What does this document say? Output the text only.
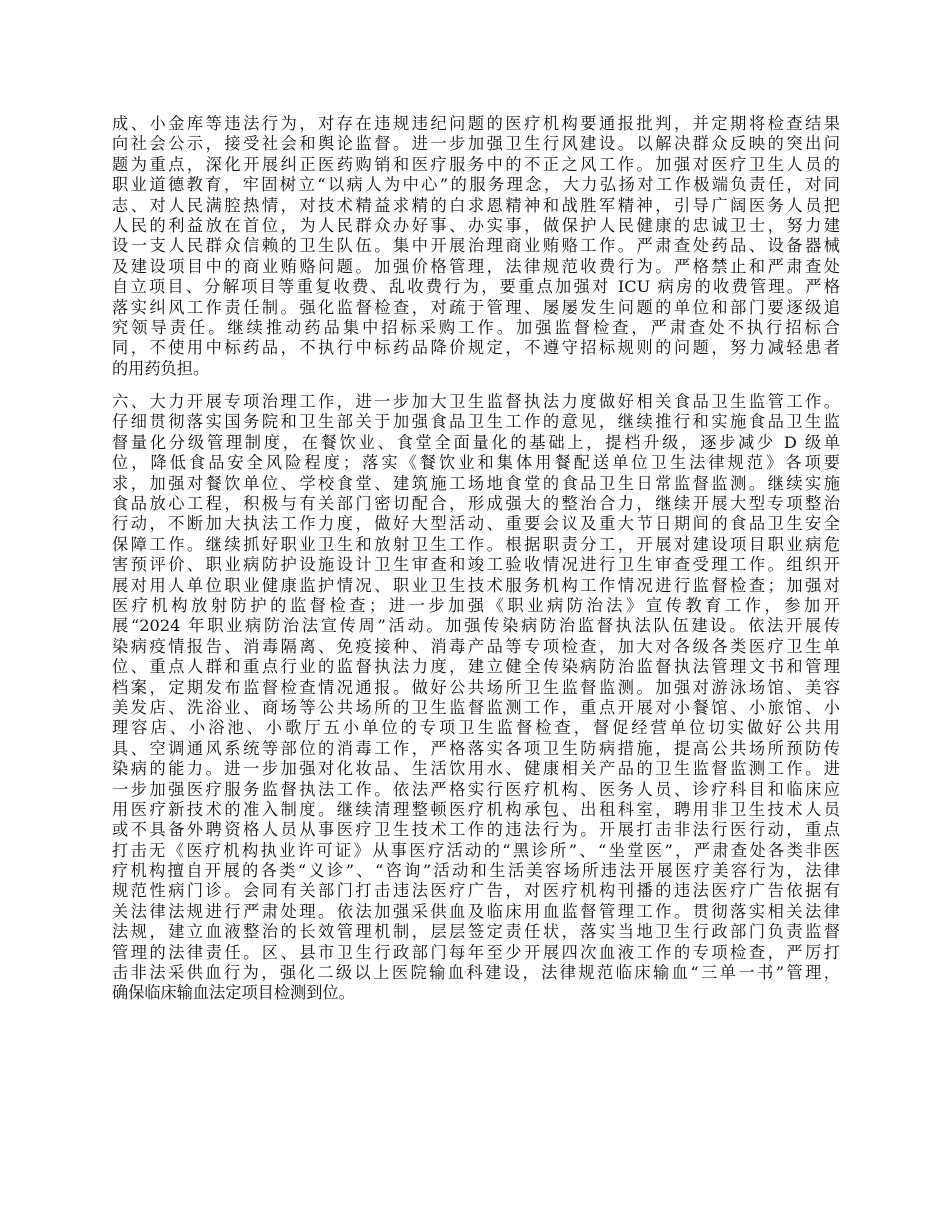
成、小金库等违法行为，对存在违规违纪问题的医疗机构要通报批判，并定期将检查结果
向社会公示，接受社会和舆论监督。进一步加强卫生行风建设。以解决群众反映的突出问
题为重点，深化开展纠正医药购销和医疗服务中的不正之风工作。加强对医疗卫生人员的
职业道德教育，牢固树立“以病人为中心”的服务理念，大力弘扬对工作极端负责任，对同
志、对人民满腔热情，对技术精益求精的白求恩精神和战胜军精神，引导广阔医务人员把
人民的利益放在首位，为人民群众办好事、办实事，做保护人民健康的忠诚卫士，努力建
设一支人民群众信赖的卫生队伍。集中开展治理商业贿赂工作。严肃查处药品、设备器械
及建设项目中的商业贿赂问题。加强价格管理，法律规范收费行为。严格禁止和严肃查处
自立项目、分解项目等重复收费、乱收费行为，要重点加强对 ICU 病房的收费管理。严格
落实纠风工作责任制。强化监督检查，对疏于管理、屡屡发生问题的单位和部门要逐级追
究领导责任。继续推动药品集中招标采购工作。加强监督检查，严肃查处不执行招标合
同，不使用中标药品，不执行中标药品降价规定，不遵守招标规则的问题，努力减轻患者
的用药负担。
六、大力开展专项治理工作，进一步加大卫生监督执法力度做好相关食品卫生监管工作。
仔细贯彻落实国务院和卫生部关于加强食品卫生工作的意见，继续推行和实施食品卫生监
督量化分级管理制度，在餐饮业、食堂全面量化的基础上，提档升级，逐步减少 D 级单
位，降低食品安全风险程度；落实《餐饮业和集体用餐配送单位卫生法律规范》各项要
求，加强对餐饮单位、学校食堂、建筑施工场地食堂的食品卫生日常监督监测。继续实施
食品放心工程，积极与有关部门密切配合，形成强大的整治合力，继续开展大型专项整治
行动，不断加大执法工作力度，做好大型活动、重要会议及重大节日期间的食品卫生安全
保障工作。继续抓好职业卫生和放射卫生工作。根据职责分工，开展对建设项目职业病危
害预评价、职业病防护设施设计卫生审查和竣工验收情况进行卫生审查受理工作。组织开
展对用人单位职业健康监护情况、职业卫生技术服务机构工作情况进行监督检查；加强对
医疗机构放射防护的监督检查；进一步加强《职业病防治法》宣传教育工作，参加开
展“2024 年职业病防治法宣传周”活动。加强传染病防治监督执法队伍建设。依法开展传
染病疫情报告、消毒隔离、免疫接种、消毒产品等专项检查，加大对各级各类医疗卫生单
位、重点人群和重点行业的监督执法力度，建立健全传染病防治监督执法管理文书和管理
档案，定期发布监督检查情况通报。做好公共场所卫生监督监测。加强对游泳场馆、美容
美发店、洗浴业、商场等公共场所的卫生监督监测工作，重点开展对小餐馆、小旅馆、小
理容店、小浴池、小歌厅五小单位的专项卫生监督检查，督促经营单位切实做好公共用
具、空调通风系统等部位的消毒工作，严格落实各项卫生防病措施，提高公共场所预防传
染病的能力。进一步加强对化妆品、生活饮用水、健康相关产品的卫生监督监测工作。进
一步加强医疗服务监督执法工作。依法严格实行医疗机构、医务人员、诊疗科目和临床应
用医疗新技术的准入制度。继续清理整顿医疗机构承包、出租科室，聘用非卫生技术人员
或不具备外聘资格人员从事医疗卫生技术工作的违法行为。开展打击非法行医行动，重点
打击无《医疗机构执业许可证》从事医疗活动的“黑诊所”、“坐堂医”，严肃查处各类非医
疗机构擅自开展的各类“义诊”、“咨询”活动和生活美容场所违法开展医疗美容行为，法律
规范性病门诊。会同有关部门打击违法医疗广告，对医疗机构刊播的违法医疗广告依据有
关法律法规进行严肃处理。依法加强采供血及临床用血监督管理工作。贯彻落实相关法律
法规，建立血液整治的长效管理机制，层层签定责任状，落实当地卫生行政部门负责监督
管理的法律责任。区、县市卫生行政部门每年至少开展四次血液工作的专项检查，严厉打
击非法采供血行为，强化二级以上医院输血科建设，法律规范临床输血“三单一书”管理，
确保临床输血法定项目检测到位。
